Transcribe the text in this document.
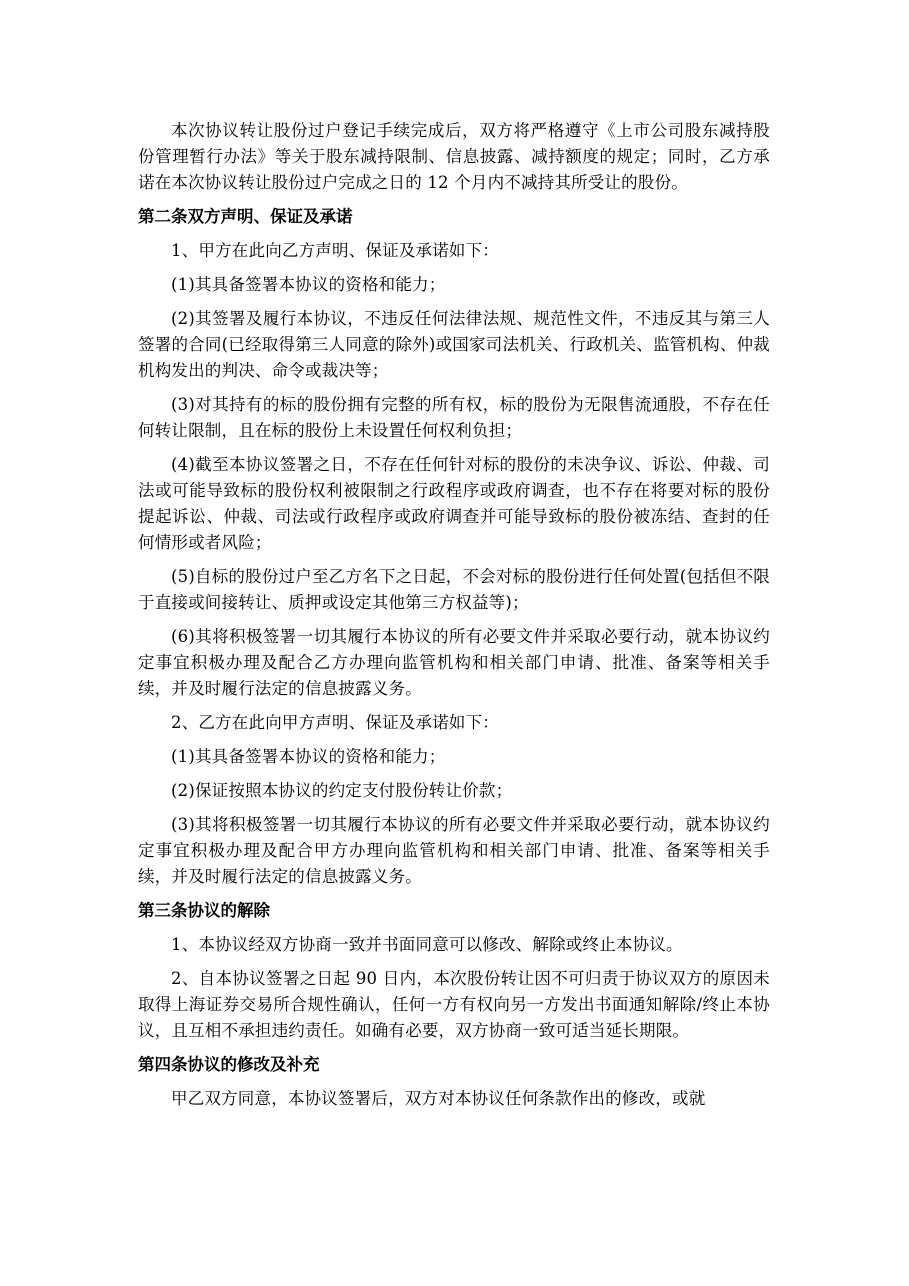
本次协议转让股份过户登记手续完成后，双方将严格遵守《上市公司股东减持股份管理暂行办法》等关于股东减持限制、信息披露、减持额度的规定；同时，乙方承诺在本次协议转让股份过户完成之日的 12 个月内不减持其所受让的股份。

第二条双方声明、保证及承诺

1、甲方在此向乙方声明、保证及承诺如下：

(1)其具备签署本协议的资格和能力；

(2)其签署及履行本协议，不违反任何法律法规、规范性文件，不违反其与第三人签署的合同(已经取得第三人同意的除外)或国家司法机关、行政机关、监管机构、仲裁机构发出的判决、命令或裁决等；

(3)对其持有的标的股份拥有完整的所有权，标的股份为无限售流通股，不存在任何转让限制，且在标的股份上未设置任何权利负担；

(4)截至本协议签署之日，不存在任何针对标的股份的未决争议、诉讼、仲裁、司法或可能导致标的股份权利被限制之行政程序或政府调查，也不存在将要对标的股份提起诉讼、仲裁、司法或行政程序或政府调查并可能导致标的股份被冻结、查封的任何情形或者风险；

(5)自标的股份过户至乙方名下之日起，不会对标的股份进行任何处置(包括但不限于直接或间接转让、质押或设定其他第三方权益等)；

(6)其将积极签署一切其履行本协议的所有必要文件并采取必要行动，就本协议约定事宜积极办理及配合乙方办理向监管机构和相关部门申请、批准、备案等相关手续，并及时履行法定的信息披露义务。

2、乙方在此向甲方声明、保证及承诺如下：

(1)其具备签署本协议的资格和能力；

(2)保证按照本协议的约定支付股份转让价款；

(3)其将积极签署一切其履行本协议的所有必要文件并采取必要行动，就本协议约定事宜积极办理及配合甲方办理向监管机构和相关部门申请、批准、备案等相关手续，并及时履行法定的信息披露义务。

第三条协议的解除

1、本协议经双方协商一致并书面同意可以修改、解除或终止本协议。

2、自本协议签署之日起 90 日内，本次股份转让因不可归责于协议双方的原因未取得上海证券交易所合规性确认，任何一方有权向另一方发出书面通知解除/终止本协议，且互相不承担违约责任。如确有必要，双方协商一致可适当延长期限。

第四条协议的修改及补充

甲乙双方同意，本协议签署后，双方对本协议任何条款作出的修改，或就
